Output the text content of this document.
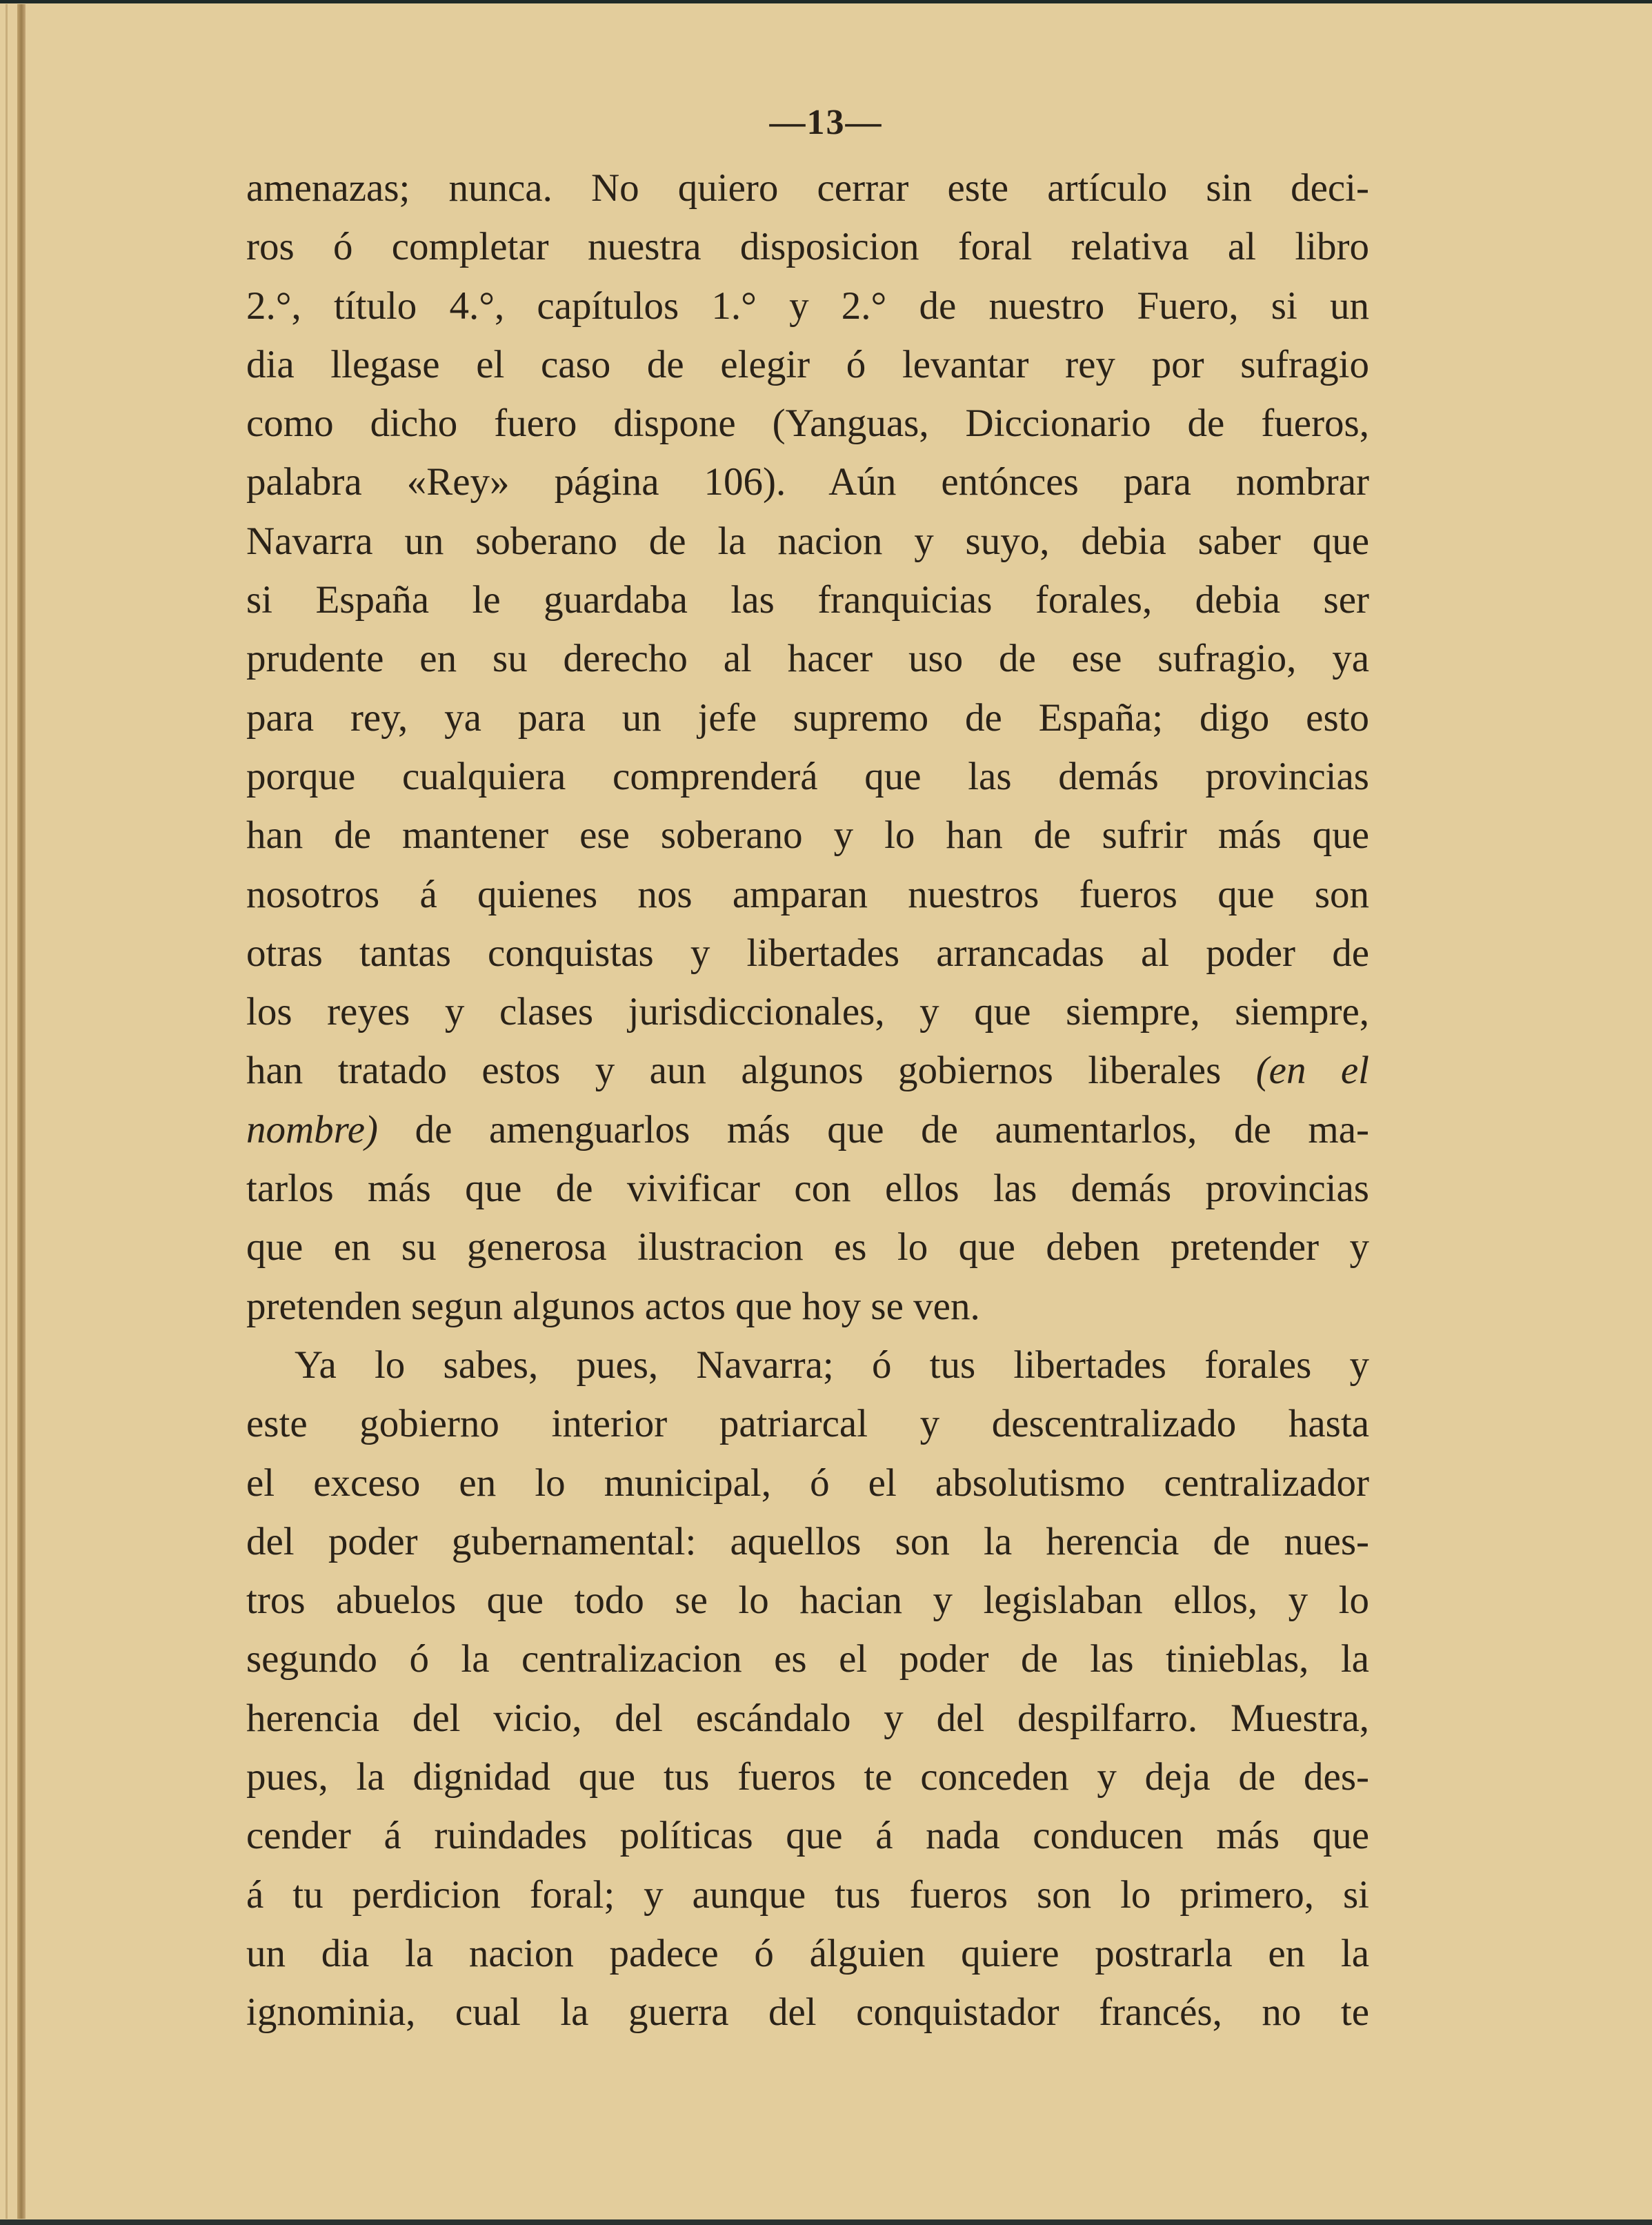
—13—
amenazas; nunca. No quiero cerrar este artículo sin deci-
ros ó completar nuestra disposicion foral relativa al libro
2.°, título 4.°, capítulos 1.° y 2.° de nuestro Fuero, si un
dia llegase el caso de elegir ó levantar rey por sufragio
como dicho fuero dispone (Yanguas, Diccionario de fueros,
palabra «Rey» página 106). Aún entónces para nombrar
Navarra un soberano de la nacion y suyo, debia saber que
si España le guardaba las franquicias forales, debia ser
prudente en su derecho al hacer uso de ese sufragio, ya
para rey, ya para un jefe supremo de España; digo esto
porque cualquiera comprenderá que las demás provincias
han de mantener ese soberano y lo han de sufrir más que
nosotros á quienes nos amparan nuestros fueros que son
otras tantas conquistas y libertades arrancadas al poder de
los reyes y clases jurisdiccionales, y que siempre, siempre,
han tratado estos y aun algunos gobiernos liberales (en el
nombre) de amenguarlos más que de aumentarlos, de ma-
tarlos más que de vivificar con ellos las demás provincias
que en su generosa ilustracion es lo que deben pretender y
pretenden segun algunos actos que hoy se ven.
Ya lo sabes, pues, Navarra; ó tus libertades forales y
este gobierno interior patriarcal y descentralizado hasta
el exceso en lo municipal, ó el absolutismo centralizador
del poder gubernamental: aquellos son la herencia de nues-
tros abuelos que todo se lo hacian y legislaban ellos, y lo
segundo ó la centralizacion es el poder de las tinieblas, la
herencia del vicio, del escándalo y del despilfarro. Muestra,
pues, la dignidad que tus fueros te conceden y deja de des-
cender á ruindades políticas que á nada conducen más que
á tu perdicion foral; y aunque tus fueros son lo primero, si
un dia la nacion padece ó álguien quiere postrarla en la
ignominia, cual la guerra del conquistador francés, no te
